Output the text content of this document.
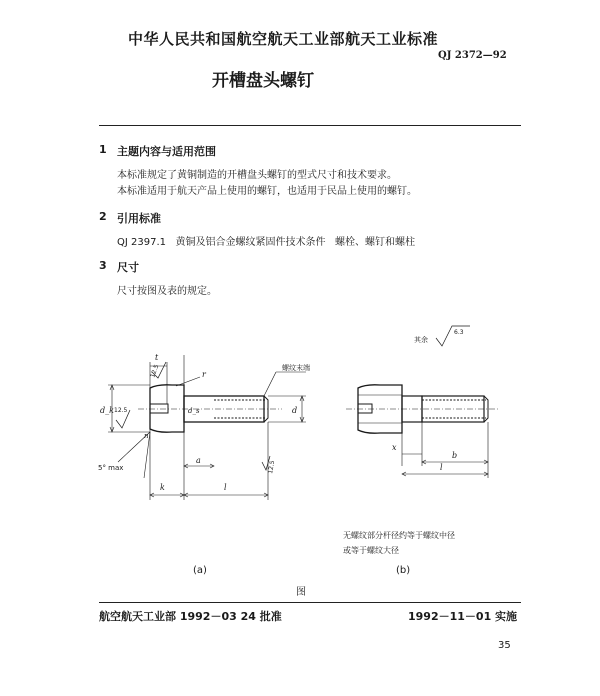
中华人民共和国航空航天工业部航天工业标准
QJ 2372—92
开槽盘头螺钉
1 主题内容与适用范围
本标准规定了黄铜制造的开槽盘头螺钉的型式尺寸和技术要求。
本标准适用于航天产品上使用的螺钉，也适用于民品上使用的螺钉。
2 引用标准
QJ 2397.1   黄铜及铝合金螺纹紧固件技术条件   螺栓、螺钉和螺柱
3 尺寸
尺寸按图及表的规定。
t
r
d_k	d
d_s
n
a
k	l
x
b
l
5° max
12.5
12.5
12.5
螺纹末端
其余
6.3
无螺纹部分杆径约等于螺纹中径
或等于螺纹大径
(a)	(b)
图
航空航天工业部 1992－03 24 批准	1992－11－01 实施
35
